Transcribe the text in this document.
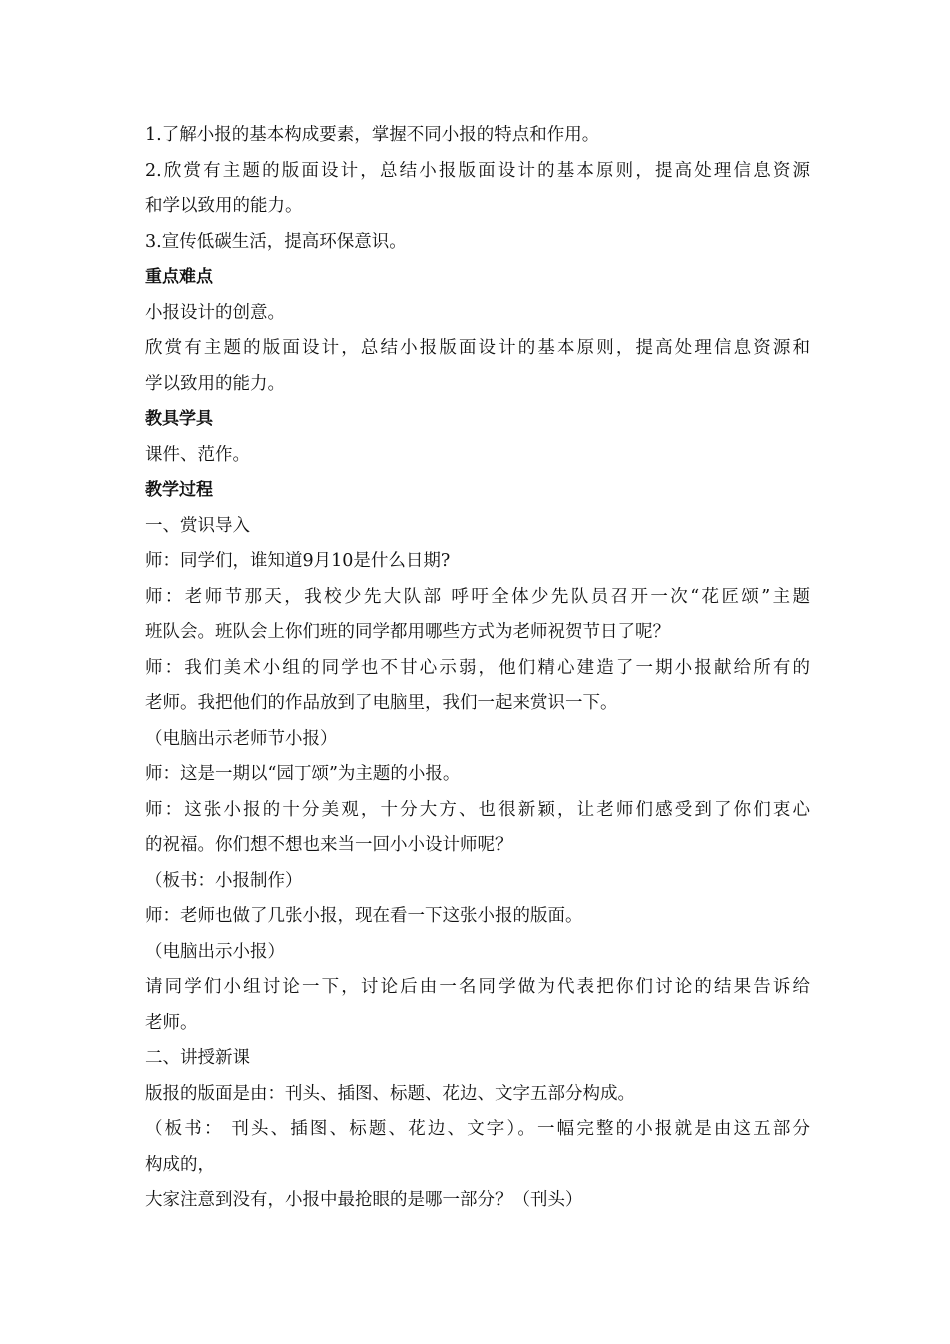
1.了解小报的基本构成要素，掌握不同小报的特点和作用。

2.欣赏有主题的版面设计，总结小报版面设计的基本原则，提高处理信息资源

和学以致用的能力。

3.宣传低碳生活，提高环保意识。

重点难点

小报设计的创意。

欣赏有主题的版面设计，总结小报版面设计的基本原则，提高处理信息资源和

学以致用的能力。

教具学具

课件、范作。

教学过程

一、赏识导入

师：同学们，谁知道9月10是什么日期?

师：老师节那天，我校少先大队部 呼吁全体少先队员召开一次“花匠颂”主题

班队会。班队会上你们班的同学都用哪些方式为老师祝贺节日了呢？

师：我们美术小组的同学也不甘心示弱，他们精心建造了一期小报献给所有的

老师。我把他们的作品放到了电脑里，我们一起来赏识一下。

（电脑出示老师节小报）

师：这是一期以“园丁颂”为主题的小报。

师：这张小报的十分美观，十分大方、也很新颖，让老师们感受到了你们衷心

的祝福。你们想不想也来当一回小小设计师呢？

（板书：小报制作）

师：老师也做了几张小报，现在看一下这张小报的版面。

（电脑出示小报）

请同学们小组讨论一下，讨论后由一名同学做为代表把你们讨论的结果告诉给

老师。

二、讲授新课

版报的版面是由：刊头、插图、标题、花边、文字五部分构成。

（板书： 刊头、插图、标题、花边、文字）。一幅完整的小报就是由这五部分

构成的，

大家注意到没有，小报中最抢眼的是哪一部分？（刊头）
